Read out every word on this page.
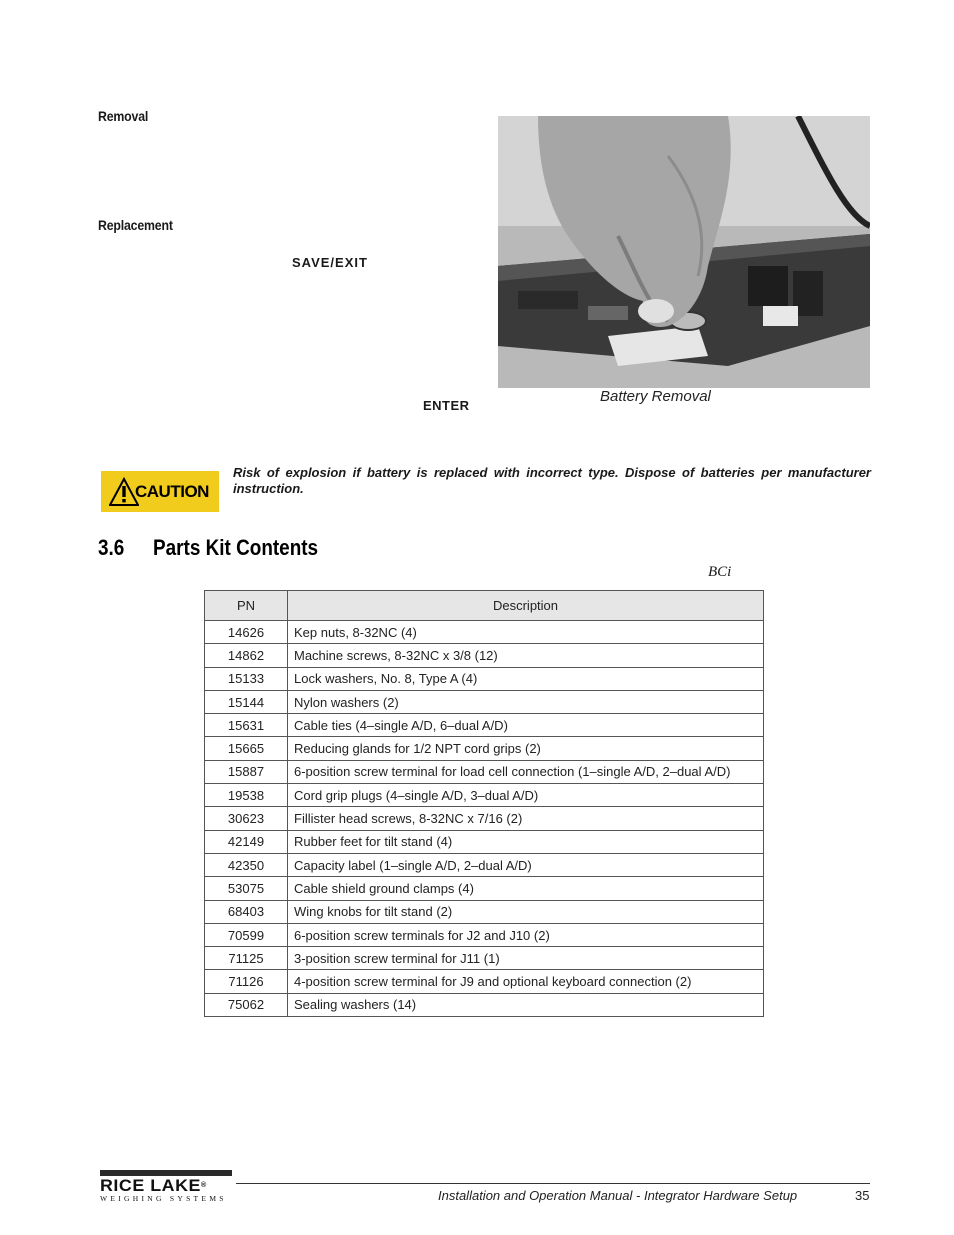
Removal
Replacement
SAVE/EXIT
ENTER
Battery Removal
CAUTION
Risk of explosion if battery is replaced with incorrect type. Dispose of batteries per manufacturer instruction.
3.6 Parts Kit Contents
BCi
PN	Description
14626	Kep nuts, 8-32NC (4)
14862	Machine screws, 8-32NC x 3/8 (12)
15133	Lock washers, No. 8, Type A (4)
15144	Nylon washers (2)
15631	Cable ties (4–single A/D, 6–dual A/D)
15665	Reducing glands for 1/2 NPT cord grips (2)
15887	6-position screw terminal for load cell connection (1–single A/D, 2–dual A/D)
19538	Cord grip plugs (4–single A/D, 3–dual A/D)
30623	Fillister head screws, 8-32NC x 7/16 (2)
42149	Rubber feet for tilt stand (4)
42350	Capacity label (1–single A/D, 2–dual A/D)
53075	Cable shield ground clamps (4)
68403	Wing knobs for tilt stand (2)
70599	6-position screw terminals for J2 and J10 (2)
71125	3-position screw terminal for J11 (1)
71126	4-position screw terminal for J9 and optional keyboard connection (2)
75062	Sealing washers (14)
RICE LAKE®
WEIGHING SYSTEMS	Installation and Operation Manual - Integrator Hardware Setup	35
